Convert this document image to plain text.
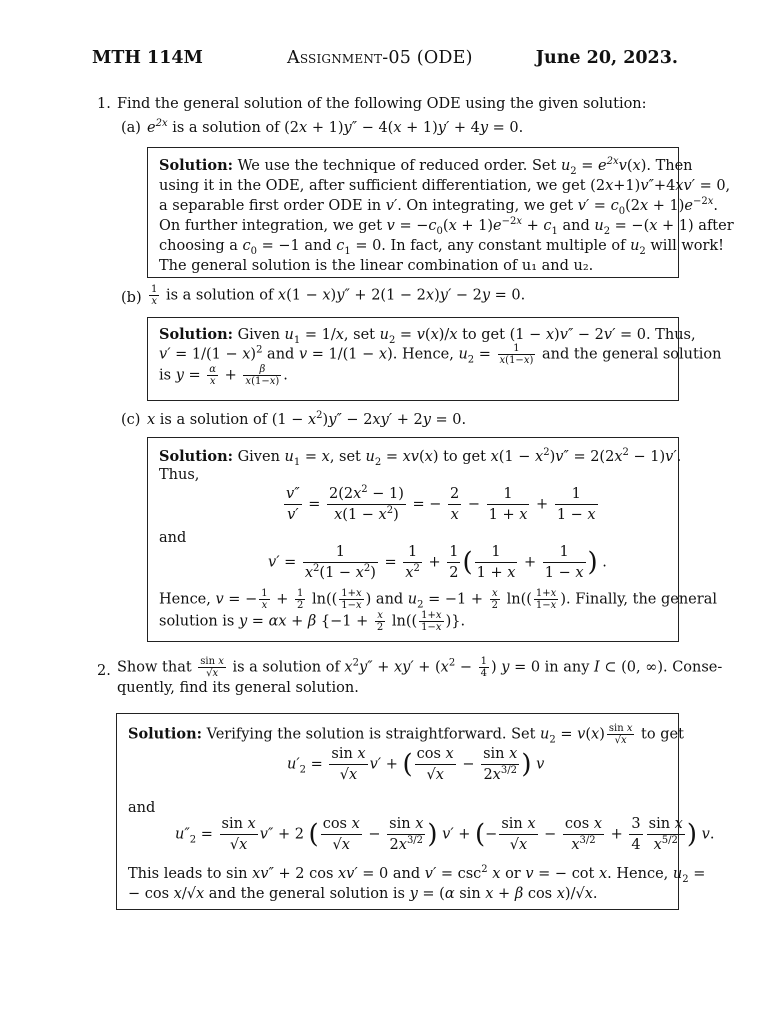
MTH 114M	Assignment-05 (ODE)	June 20, 2023.
1. Find the general solution of the following ODE using the given solution:
(a) $e^{2x}$ is a solution of (2x + 1)y″ − 4(x + 1)y′ + 4y = 0.
Solution: We use the technique of reduced order. Set $u_2 = e^{2x}v(x)$. Then
using it in the ODE, after sufficient differentiation, we get (2x+1)v″+4xv′ = 0,
a separable first order ODE in v′. On integrating, we get $v' = c_0(2x + 1)e^{-2x}$.
On further integration, we get $v = -c_0(x + 1)e^{-2x} + c_1$ and $u_2 = -(x + 1)$ after
choosing a $c_0 = -1$ and $c_1 = 0$. In fact, any constant multiple of $u_2$ will work!
The general solution is the linear combination of u₁ and u₂.
$(b) \frac{1}{x}$ is a solution of x(1 − x)y″ + 2(1 − 2x)y′ − 2y = 0.
Solution: Given $u_1 = 1/x$, set $u_2 = v(x)/x$ to get (1 − x)v″ − 2v′ = 0. Thus,
$v' = 1/(1 - x)^2$ and v = 1/(1 − x). Hence, $u_2 = \frac{1}{x(1-x)}$ and the general solution
is $y = \frac{\alpha}{x} + \frac{\beta}{x(1-x)}$ .
(c) x is a solution of $(1 - x^2)y'' - 2xy' + 2y = 0$.
Solution: Given $u_1 = x$, set $u_2 = xv(x)$ to get $x(1 - x^2)v'' = 2(2x^2 - 1)v'$.
Thus,
$\frac{v''}{v'} = \frac{2(2x^2 - 1)}{x(1 - x^2)}$ = − $\frac{2}{x} - \frac{1}{1 + x} + \frac{1}{1 - x}$
and
$v' = \frac{1}{x^2(1 - x^2)} = \frac{1}{x^2} + \frac{1}{2}$ ( $\frac{1}{1 + x} + \frac{1}{1 - x}$ ) .
Hence, v = − $\frac{1}{x} + \frac{1}{2} \ln(( \frac{1+x}{1-x}$ ) and $u_2 = -1 + \frac{x}{2} \ln(( \frac{1+x}{1-x}$ ). Finally, the general
solution is y = αx + β {$-1 + \frac{x}{2} \ln(( \frac{1+x}{1-x}$ )}.
2. Show that $\frac{\text{sin x}}{√x}$ is a solution of $x^2y'' + xy' + (x^2 - \frac{1}{4}$ ) y = 0 in any I ⊂ (0, ∞). Conse-
quently, find its general solution.
Solution: Verifying the solution is straightforward. Set $u_2 = v(x) \frac{\text{sin x}}{√x}$ to get
$u'_2 = \frac{\text{sin x}}{√x} v'$ + ( $\frac{\text{cos x}}{√x} - \frac{\text{sin x}}{2x^{3/2}}$ ) v
and
$u''_2 = \frac{\text{sin x}}{√x} v'' + 2$ ( $\frac{\text{cos x}}{√x} - \frac{\text{sin x}}{2x^{3/2}}$ ) v′ + (− $\frac{\text{sin x}}{√x} - \frac{\text{cos x}}{x^{3/2}} + \frac{3}{4} \frac{\text{sin x}}{x^{5/2}}$ ) v.
This leads to sin xv″ + 2 cos xv′ = 0 and $v' = \csc^2 x$ or v = − cot x. Hence, $u_2$ =
− cos x/√x and the general solution is y = (α sin x + β cos x)/√x.
